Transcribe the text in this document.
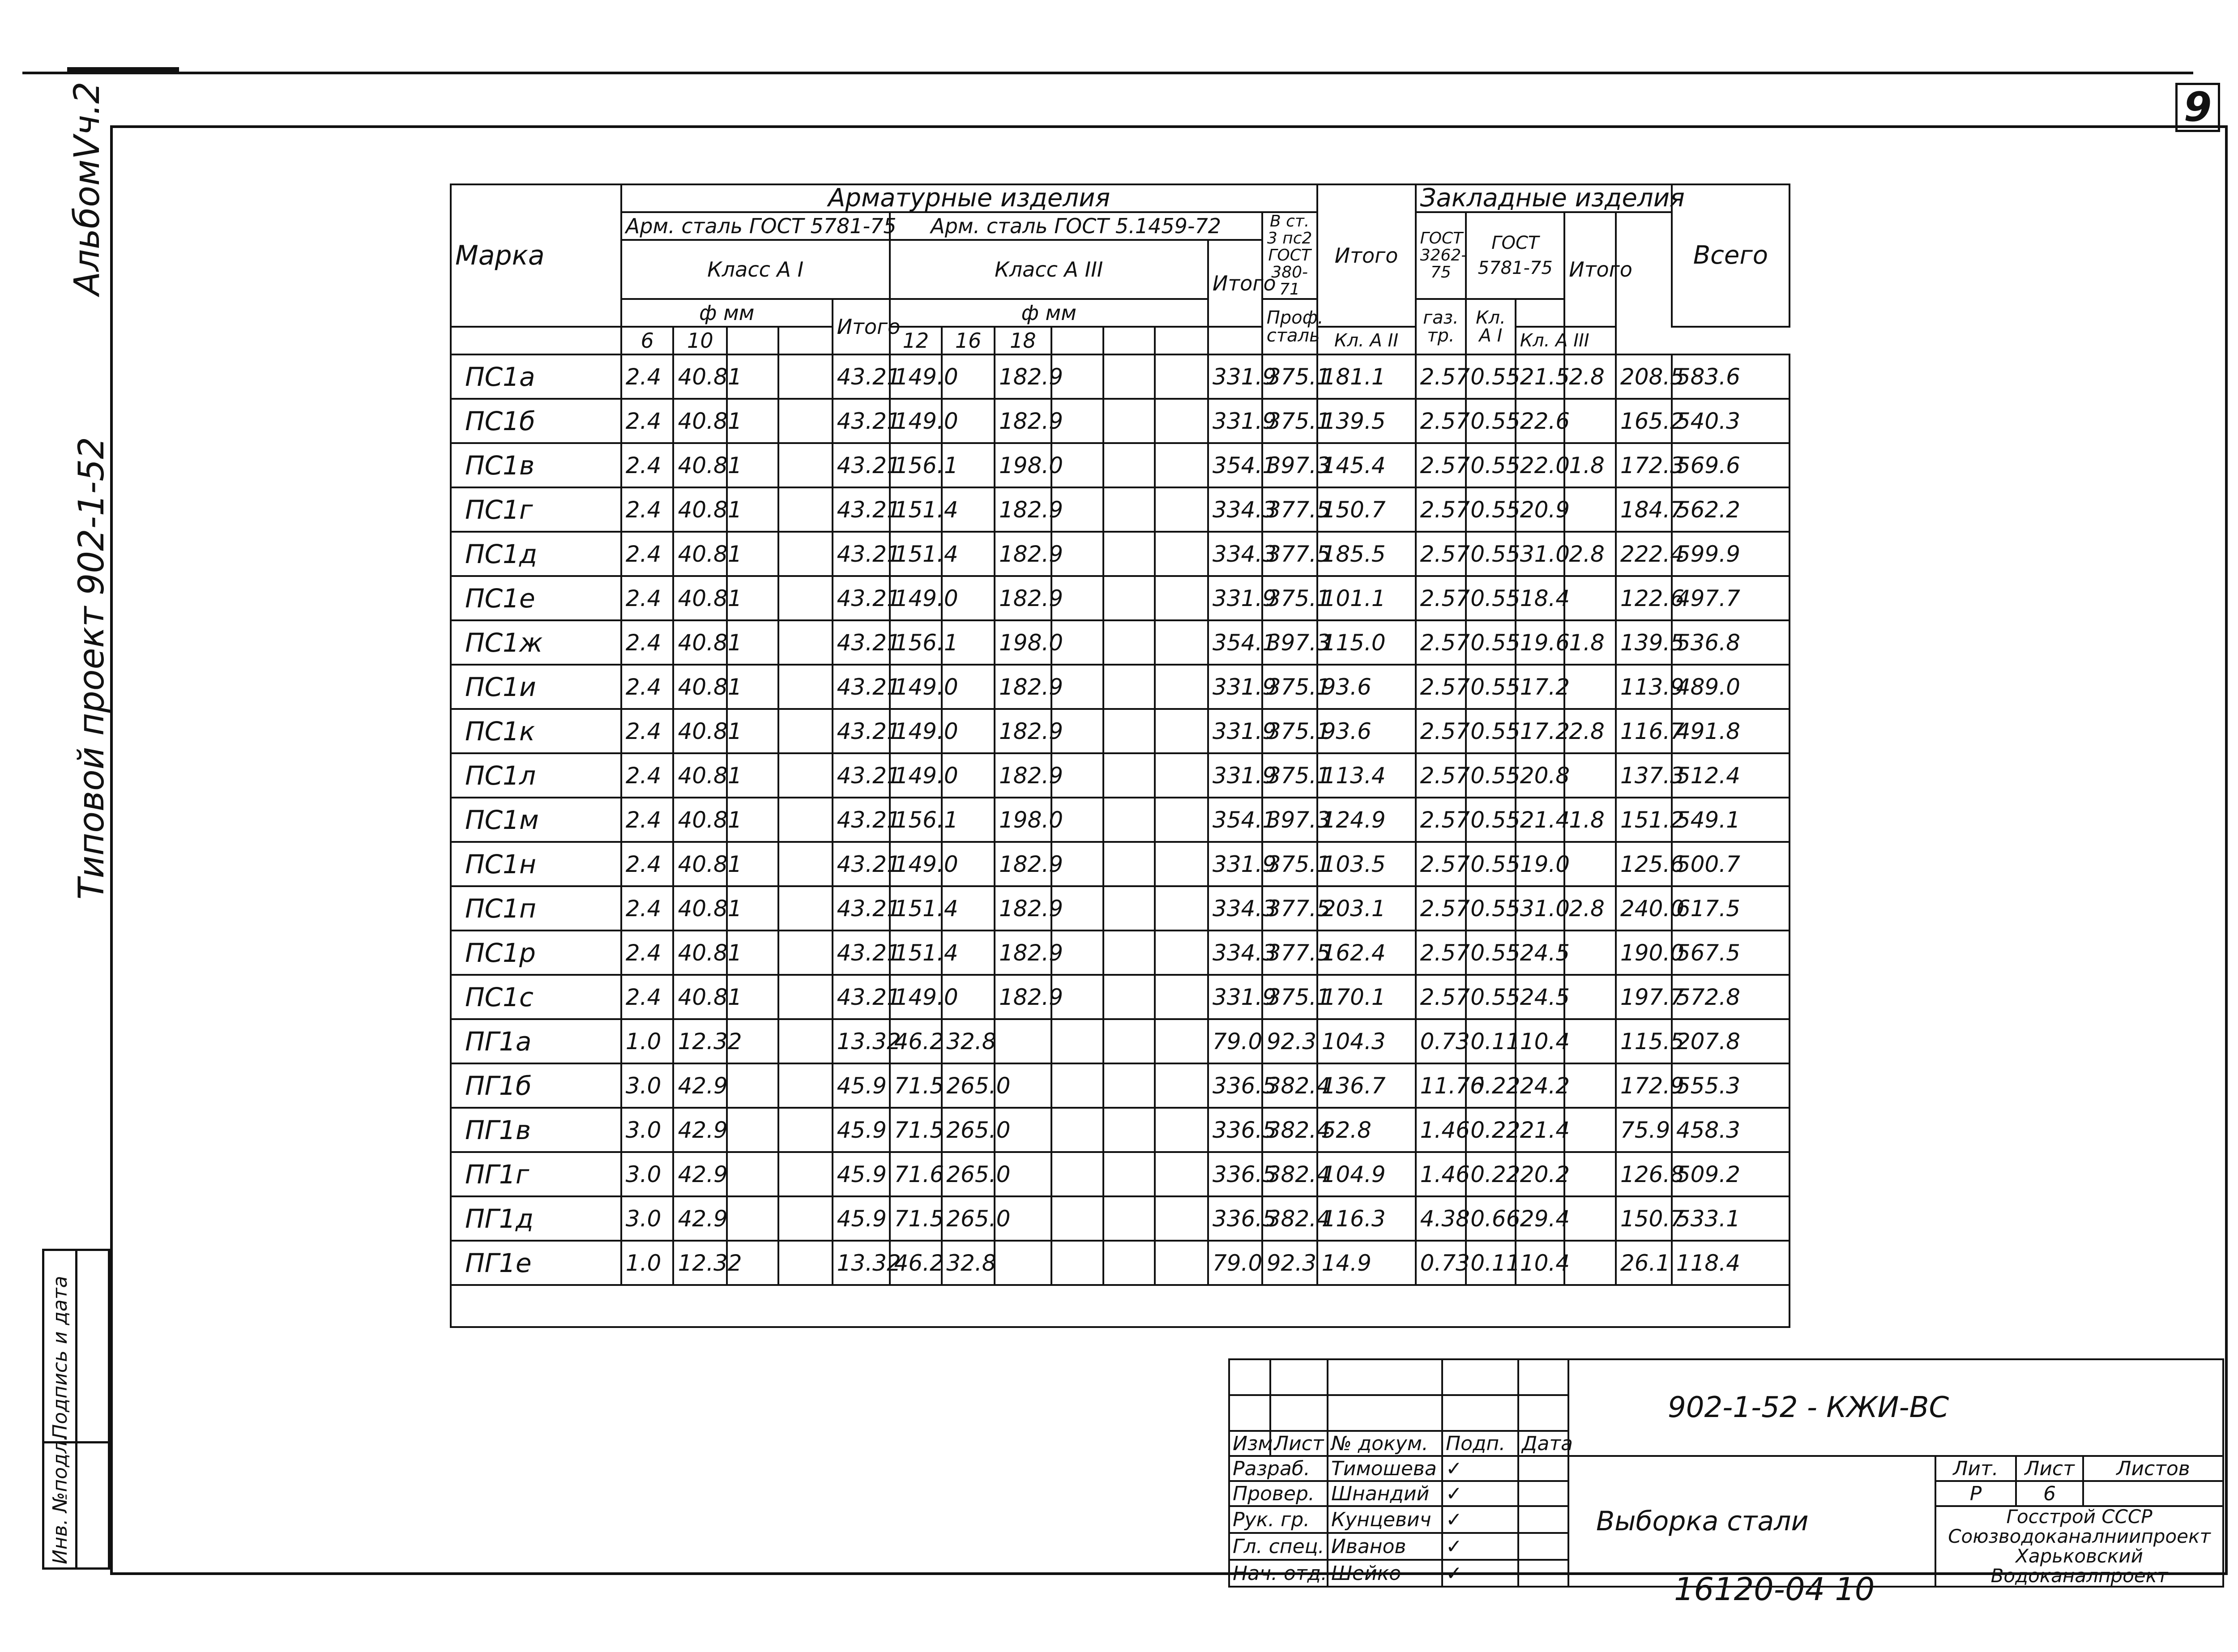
9
АльбомVч.2
Типовой проект 902-1-52
Подпись и дата	

Инв. №подл.	

Марка	Арматурные изделия													Итого	Закладные изделия					Всего
	Арм. сталь ГОСТ 5781-75					Арм. сталь ГОСТ 5.1459-72							В ст. 3 пс2 ГОСТ 380-71		ГОСТ 3262-75	ГОСТ 5781-75		Итого		
	Класс А I					Класс А III						Итого								
	ф мм				Итого	ф мм							Проф. сталь		газ. тр.	Кл. А I				
	6	10				12	16	18						Кл. А II			Кл. А III			
ПС1а	2.4	40.81			43.21	149.0		182.9				331.9	375.1	181.1	2.57	0.55	21.5	2.8	208.5	583.6
ПС1б	2.4	40.81			43.21	149.0		182.9				331.9	375.1	139.5	2.57	0.55	22.6		165.2	540.3
ПС1в	2.4	40.81			43.21	156.1		198.0				354.1	397.3	145.4	2.57	0.55	22.0	1.8	172.3	569.6
ПС1г	2.4	40.81			43.21	151.4		182.9				334.3	377.5	150.7	2.57	0.55	20.9		184.7	562.2
ПС1д	2.4	40.81			43.21	151.4		182.9				334.3	377.5	185.5	2.57	0.55	31.0	2.8	222.4	599.9
ПС1е	2.4	40.81			43.21	149.0		182.9				331.9	375.1	101.1	2.57	0.55	18.4		122.6	497.7
ПС1ж	2.4	40.81			43.21	156.1		198.0				354.1	397.3	115.0	2.57	0.55	19.6	1.8	139.5	536.8
ПС1и	2.4	40.81			43.21	149.0		182.9				331.9	375.1	93.6	2.57	0.55	17.2		113.9	489.0
ПС1к	2.4	40.81			43.21	149.0		182.9				331.9	375.1	93.6	2.57	0.55	17.2	2.8	116.7	491.8
ПС1л	2.4	40.81			43.21	149.0		182.9				331.9	375.1	113.4	2.57	0.55	20.8		137.3	512.4
ПС1м	2.4	40.81			43.21	156.1		198.0				354.1	397.3	124.9	2.57	0.55	21.4	1.8	151.2	549.1
ПС1н	2.4	40.81			43.21	149.0		182.9				331.9	375.1	103.5	2.57	0.55	19.0		125.6	500.7
ПС1п	2.4	40.81			43.21	151.4		182.9				334.3	377.5	203.1	2.57	0.55	31.0	2.8	240.0	617.5
ПС1р	2.4	40.81			43.21	151.4		182.9				334.3	377.5	162.4	2.57	0.55	24.5		190.0	567.5
ПС1с	2.4	40.81			43.21	149.0		182.9				331.9	375.1	170.1	2.57	0.55	24.5		197.7	572.8
ПГ1а	1.0	12.32			13.32	46.2	32.8					79.0	92.3	104.3	0.73	0.11	10.4		115.5	207.8
ПГ1б	3.0	42.9			45.9	71.5	265.0					336.5	382.4	136.7	11.76	0.22	24.2		172.9	555.3
ПГ1в	3.0	42.9			45.9	71.5	265.0					336.5	382.4	52.8	1.46	0.22	21.4		75.9	458.3
ПГ1г	3.0	42.9			45.9	71.6	265.0					336.5	382.4	104.9	1.46	0.22	20.2		126.8	509.2
ПГ1д	3.0	42.9			45.9	71.5	265.0					336.5	382.4	116.3	4.38	0.66	29.4		150.7	533.1
ПГ1е	1.0	12.32			13.32	46.2	32.8					79.0	92.3	14.9	0.73	0.11	10.4		26.1	118.4

					902-1-52 - КЖИ-ВС			

Изм.	Лист	№ докум.	Подп.	Дата				
Разраб.		Тимошева	✓		Выборка стали	Лит.	Лист	Листов
Провер.		Шнандий	✓			Р	6	
Рук. гр.		Кунцевич	✓			Госстрой СССР Союзводоканалниипроект Харьковский Водоканалпроект		
Гл. спец.		Иванов	✓					
Нач. отд.		Шейко	✓						16120-04 10
